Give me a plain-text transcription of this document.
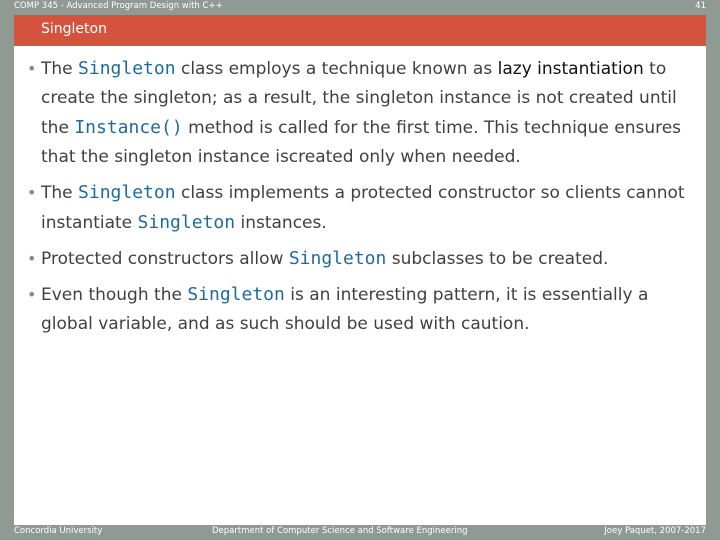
COMP 345 - Advanced Program Design with C++	41
Singleton
• The Singleton class employs a technique known as lazy instantiation to create the singleton; as a result, the singleton instance is not created until the Instance() method is called for the first time. This technique ensures that the singleton instance iscreated only when needed.
• The Singleton class implements a protected constructor so clients cannot instantiate Singleton instances.
• Protected constructors allow Singleton subclasses to be created.
• Even though the Singleton is an interesting pattern, it is essentially a global variable, and as such should be used with caution.
Concordia University	Department of Computer Science and Software Engineering	Joey Paquet, 2007-2017
